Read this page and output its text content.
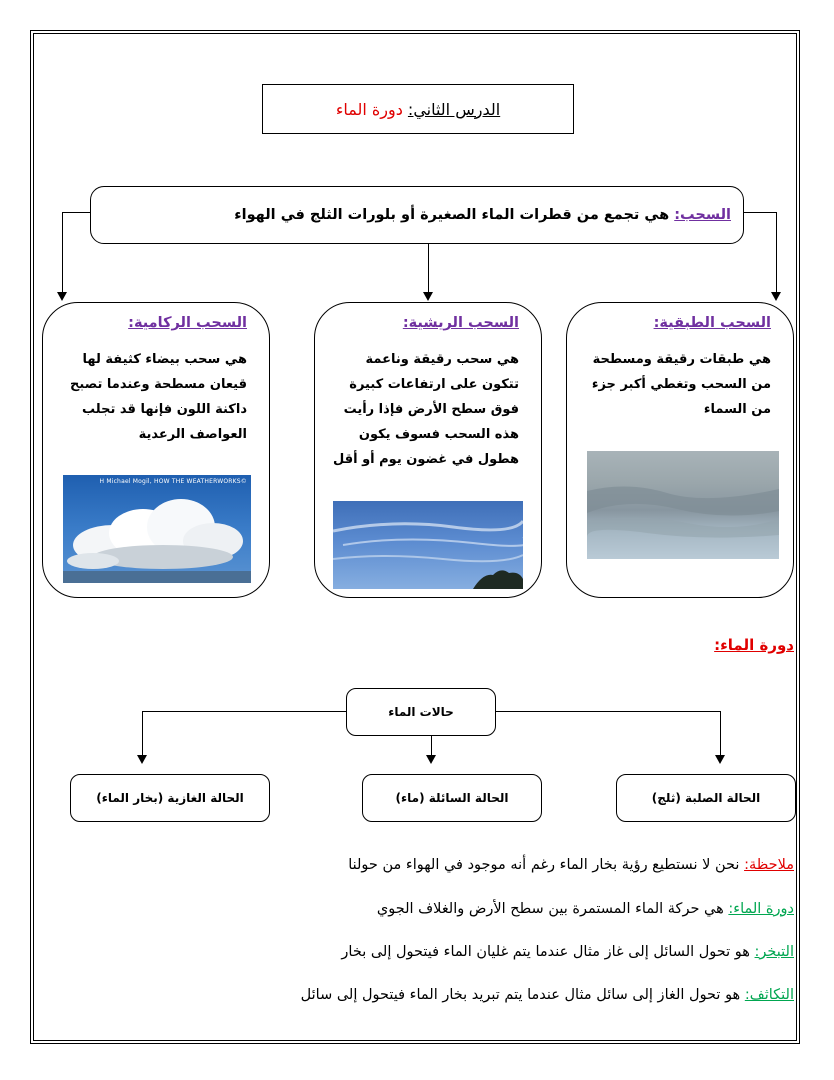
الدرس الثاني:

دورة الماء
السحب:

هي تجمع من قطرات الماء الصغيرة أو بلورات الثلج في الهواء
السحب الطبقية:

هي طبقات رقيقة ومسطحة من السحب وتغطي أكبر جزء من السماء

السحب الريشية:

هي سحب رقيقة وناعمة تتكون على ارتفاعات كبيرة فوق سطح الأرض فإذا رأيت هذه السحب فسوف يكون هطول في غضون يوم أو أقل

السحب الركامية:

هي سحب بيضاء كثيفة لها قيعان مسطحة وعندما تصبح داكنة اللون فإنها قد تجلب العواصف الرعدية

©H Michael Mogil, HOW THE WEATHERWORKS
دورة الماء:
حالات الماء
الحالة الصلبة (ثلج)
الحالة السائلة (ماء)
الحالة الغازية (بخار الماء)
ملاحظة: نحن لا نستطيع رؤية بخار الماء رغم أنه موجود في الهواء من حولنا
دورة الماء: هي حركة الماء المستمرة بين سطح الأرض والغلاف الجوي
التبخر: هو تحول السائل إلى غاز مثال عندما يتم غليان الماء فيتحول إلى بخار
التكاثف: هو تحول الغاز إلى سائل مثال عندما يتم تبريد بخار الماء فيتحول إلى سائل
